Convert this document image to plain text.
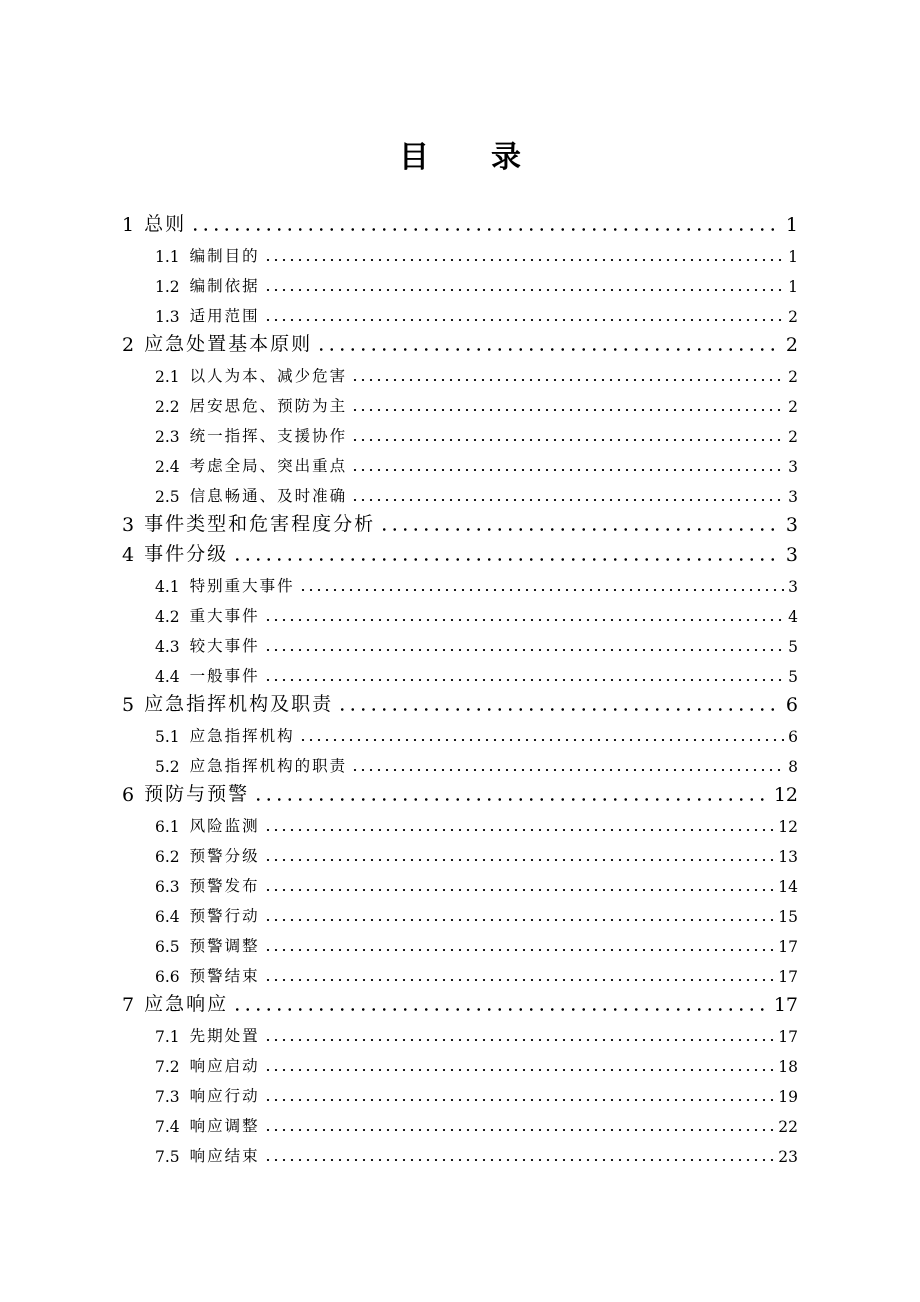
目录
1 总则	1
1.1 编制目的	1
1.2 编制依据	1
1.3 适用范围	2
2 应急处置基本原则	2
2.1 以人为本、减少危害	2
2.2 居安思危、预防为主	2
2.3 统一指挥、支援协作	2
2.4 考虑全局、突出重点	3
2.5 信息畅通、及时准确	3
3 事件类型和危害程度分析	3
4 事件分级	3
4.1 特别重大事件	3
4.2 重大事件	4
4.3 较大事件	5
4.4 一般事件	5
5 应急指挥机构及职责	6
5.1 应急指挥机构	6
5.2 应急指挥机构的职责	8
6 预防与预警	12
6.1 风险监测	12
6.2 预警分级	13
6.3 预警发布	14
6.4 预警行动	15
6.5 预警调整	17
6.6 预警结束	17
7 应急响应	17
7.1 先期处置	17
7.2 响应启动	18
7.3 响应行动	19
7.4 响应调整	22
7.5 响应结束	23
